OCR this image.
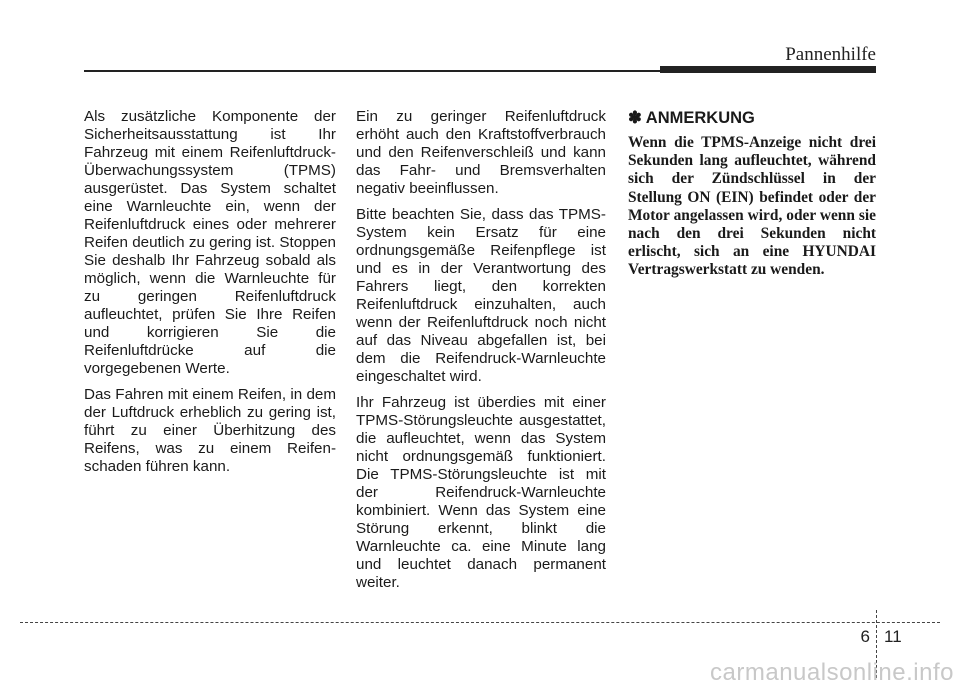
Pannenhilfe

Als zusätzliche Komponente der Sicherheitsausstattung ist Ihr Fahrzeug mit einem Reifenluftdruck-Überwachungssystem (TPMS) ausgerüstet. Das System schaltet eine Warnleuchte ein, wenn der Reifenluftdruck eines oder mehrerer Reifen deutlich zu gering ist. Stoppen Sie deshalb Ihr Fahrzeug sobald als möglich, wenn die Warnleuchte für zu geringen Reifenluftdruck aufleuchtet, prüfen Sie Ihre Reifen und korrigieren Sie die Reifenluftdrücke auf die vorgegebenen Werte.

Das Fahren mit einem Reifen, in dem der Luftdruck erheblich zu gering ist, führt zu einer Überhitzung des Reifens, was zu einem Reifen-schaden führen kann.

Ein zu geringer Reifenluftdruck erhöht auch den Kraftstoffverbrauch und den Reifenverschleiß und kann das Fahr- und Bremsverhalten negativ beeinflussen.

Bitte beachten Sie, dass das TPMS-System kein Ersatz für eine ordnungsgemäße Reifenpflege ist und es in der Verantwortung des Fahrers liegt, den korrekten Reifenluftdruck einzuhalten, auch wenn der Reifenluftdruck noch nicht auf das Niveau abgefallen ist, bei dem die Reifendruck-Warnleuchte eingeschaltet wird.

Ihr Fahrzeug ist überdies mit einer TPMS-Störungsleuchte ausgestattet, die aufleuchtet, wenn das System nicht ordnungsgemäß funktioniert. Die TPMS-Störungsleuchte ist mit der Reifendruck-Warnleuchte kombiniert. Wenn das System eine Störung erkennt, blinkt die Warnleuchte ca. eine Minute lang und leuchtet danach permanent weiter.

✽ ANMERKUNG

Wenn die TPMS-Anzeige nicht drei Sekunden lang aufleuchtet, während sich der Zündschlüssel in der Stellung ON (EIN) befindet oder der Motor angelassen wird, oder wenn sie nach den drei Sekunden nicht erlischt, sich an eine HYUNDAI Vertragswerkstatt zu wenden.

6 11
carmanualsonline.info
